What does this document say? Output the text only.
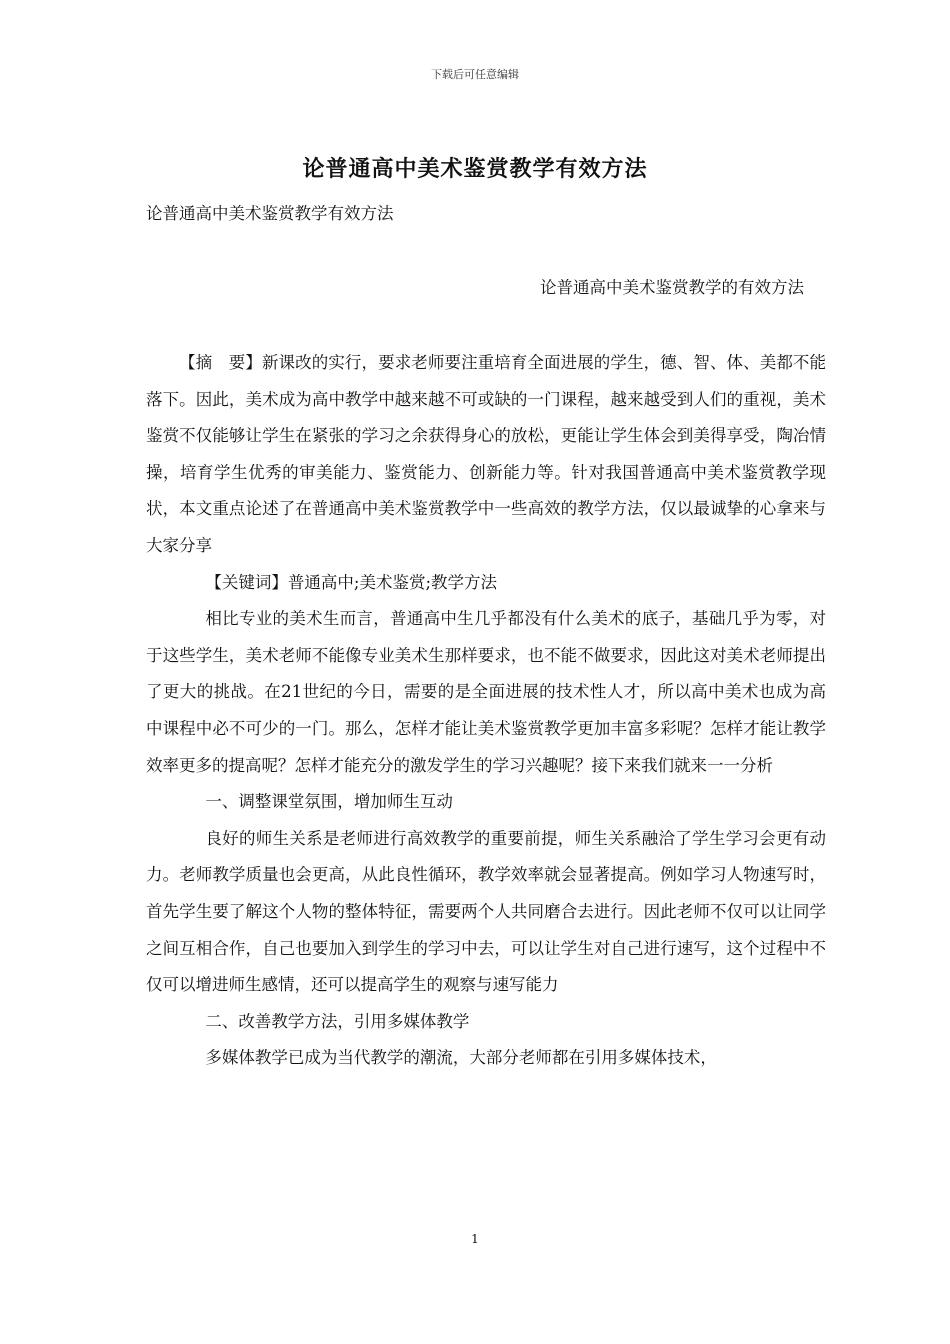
下载后可任意编辑
论普通高中美术鉴赏教学有效方法
论普通高中美术鉴赏教学有效方法
论普通高中美术鉴赏教学的有效方法

【摘　要】新课改的实行，要求老师要注重培育全面进展的学生，德、智、体、美都不能落下。因此，美术成为高中教学中越来越不可或缺的一门课程，越来越受到人们的重视，美术鉴赏不仅能够让学生在紧张的学习之余获得身心的放松，更能让学生体会到美得享受，陶冶情操，培育学生优秀的审美能力、鉴赏能力、创新能力等。针对我国普通高中美术鉴赏教学现状，本文重点论述了在普通高中美术鉴赏教学中一些高效的教学方法，仅以最诚挚的心拿来与大家分享

【关键词】普通高中;美术鉴赏;教学方法

相比专业的美术生而言，普通高中生几乎都没有什么美术的底子，基础几乎为零，对于这些学生，美术老师不能像专业美术生那样要求，也不能不做要求，因此这对美术老师提出了更大的挑战。在21世纪的今日，需要的是全面进展的技术性人才，所以高中美术也成为高中课程中必不可少的一门。那么，怎样才能让美术鉴赏教学更加丰富多彩呢？怎样才能让教学效率更多的提高呢？怎样才能充分的激发学生的学习兴趣呢？接下来我们就来一一分析

一、调整课堂氛围，增加师生互动

良好的师生关系是老师进行高效教学的重要前提，师生关系融洽了学生学习会更有动力。老师教学质量也会更高，从此良性循环，教学效率就会显著提高。例如学习人物速写时，首先学生要了解这个人物的整体特征，需要两个人共同磨合去进行。因此老师不仅可以让同学之间互相合作，自己也要加入到学生的学习中去，可以让学生对自己进行速写，这个过程中不仅可以增进师生感情，还可以提高学生的观察与速写能力

二、改善教学方法，引用多媒体教学

多媒体教学已成为当代教学的潮流，大部分老师都在引用多媒体技术，

1
